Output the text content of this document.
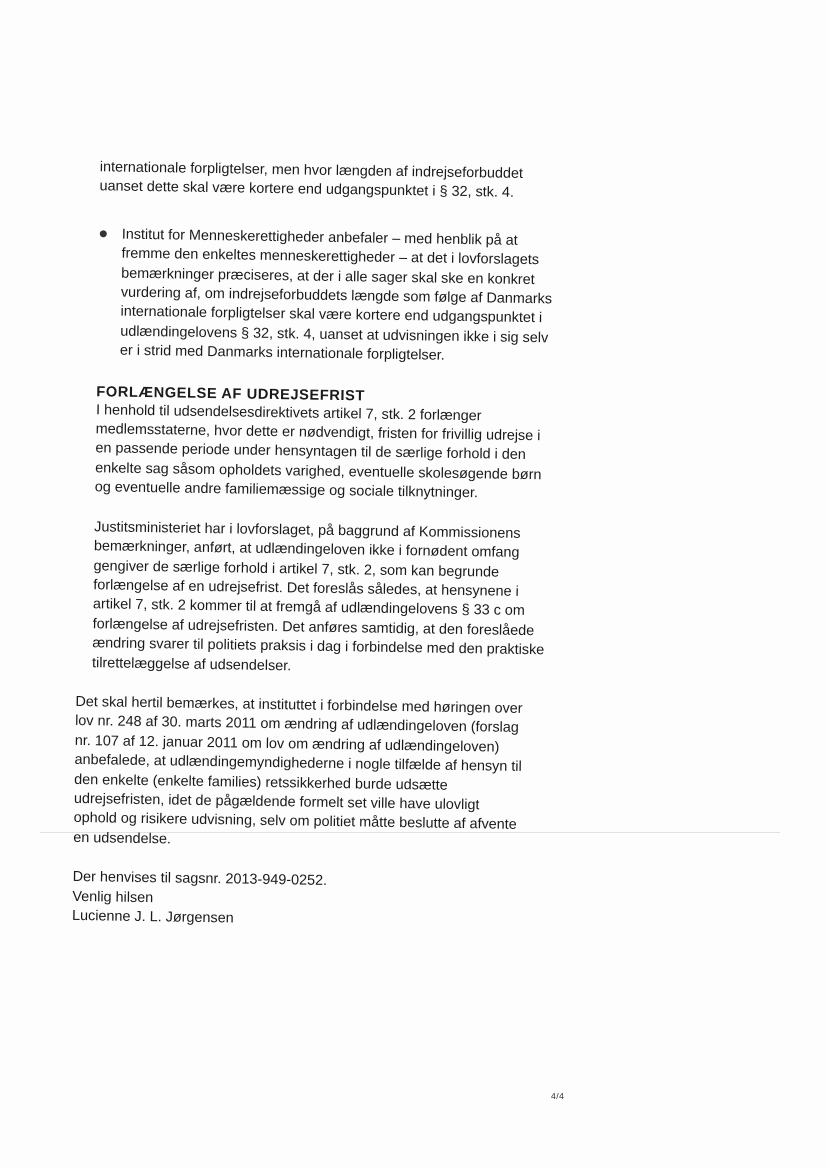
internationale forpligtelser, men hvor længden af indrejseforbuddet
uanset dette skal være kortere end udgangspunktet i § 32, stk. 4.

Institut for Menneskerettigheder anbefaler – med henblik på at
fremme den enkeltes menneskerettigheder – at det i lovforslagets
bemærkninger præciseres, at der i alle sager skal ske en konkret
vurdering af, om indrejseforbuddets længde som følge af Danmarks
internationale forpligtelser skal være kortere end udgangspunktet i
udlændingelovens § 32, stk. 4, uanset at udvisningen ikke i sig selv
er i strid med Danmarks internationale forpligtelser.

FORLÆNGELSE AF UDREJSEFRIST

I henhold til udsendelsesdirektivets artikel 7, stk. 2 forlænger
medlemsstaterne, hvor dette er nødvendigt, fristen for frivillig udrejse i
en passende periode under hensyntagen til de særlige forhold i den
enkelte sag såsom opholdets varighed, eventuelle skolesøgende børn
og eventuelle andre familiemæssige og sociale tilknytninger.

Justitsministeriet har i lovforslaget, på baggrund af Kommissionens
bemærkninger, anført, at udlændingeloven ikke i fornødent omfang
gengiver de særlige forhold i artikel 7, stk. 2, som kan begrunde
forlængelse af en udrejsefrist. Det foreslås således, at hensynene i
artikel 7, stk. 2 kommer til at fremgå af udlændingelovens § 33 c om
forlængelse af udrejsefristen. Det anføres samtidig, at den foreslåede
ændring svarer til politiets praksis i dag i forbindelse med den praktiske
tilrettelæggelse af udsendelser.

Det skal hertil bemærkes, at instituttet i forbindelse med høringen over
lov nr. 248 af 30. marts 2011 om ændring af udlændingeloven (forslag
nr. 107 af 12. januar 2011 om lov om ændring af udlændingeloven)
anbefalede, at udlændingemyndighederne i nogle tilfælde af hensyn til
den enkelte (enkelte families) retssikkerhed burde udsætte
udrejsefristen, idet de pågældende formelt set ville have ulovligt
ophold og risikere udvisning, selv om politiet måtte beslutte af afvente
en udsendelse.

Der henvises til sagsnr. 2013-949-0252.

Venlig hilsen

Lucienne J. L. Jørgensen

4/4
